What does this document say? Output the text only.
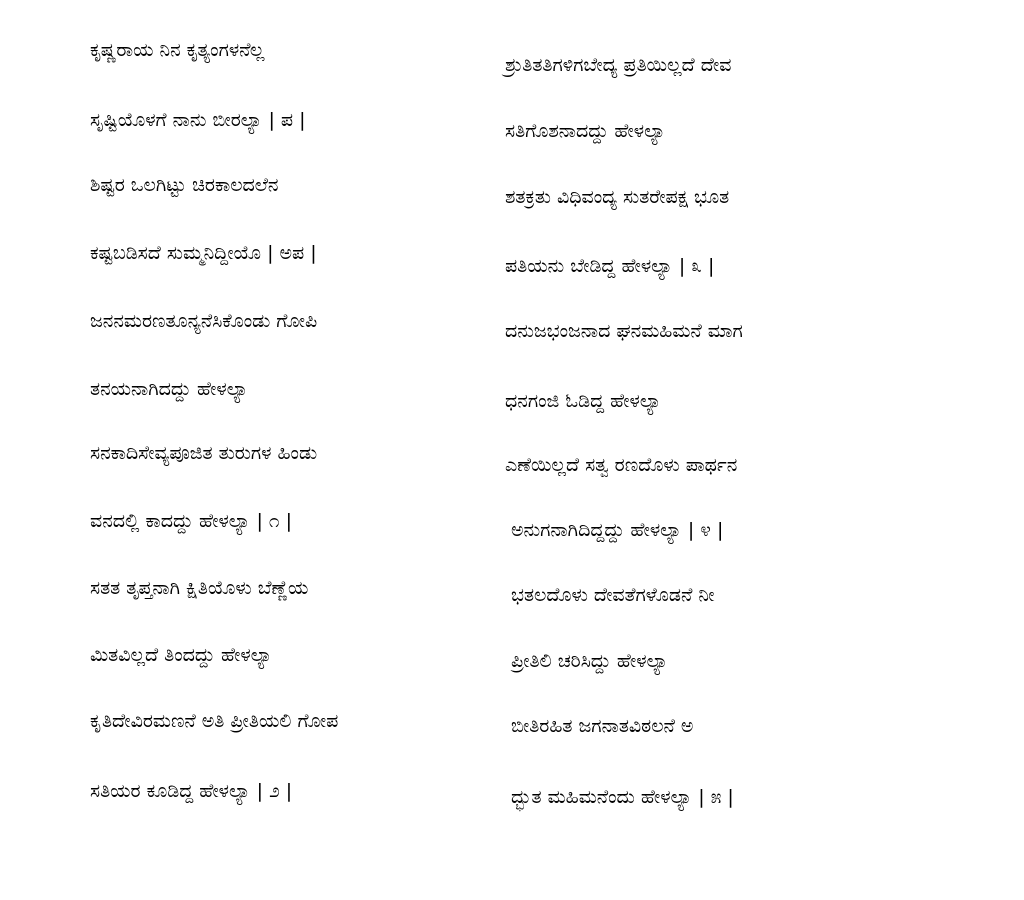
ಕೃಷ್ಣರಾಯ ನಿನ ಕೃತ್ಯಂಗಳನೆಲ್ಲ
ಸೃಷ್ಟಿಯೊಳಗೆ ನಾನು ಬೀರಲ್ಯಾ | ಪ |
ಶಿಷ್ಟರ ಒಲಗಿಟ್ಟು ಚಿರಕಾಲದಲೆನ
ಕಷ್ಟಬಡಿಸದೆ ಸುಮ್ಮನಿದ್ದೀಯೊ | ಅಪ |
ಜನನಮರಣತೂನ್ಯನೆಸಿಕೊಂಡು ಗೋಪಿ
ತನಯನಾಗಿದದ್ದು ಹೇಳಲ್ಯಾ
ಸನಕಾದಿಸೇವ್ಯಪೂಜಿತ ತುರುಗಳ ಹಿಂಡು
ವನದಲ್ಲಿ ಕಾದದ್ದು ಹೇಳಲ್ಯಾ | ೧ |
ಸತತ ತೃಪ್ತನಾಗಿ ಕ್ಷಿತಿಯೊಳು ಬೆಣ್ಣೆಯ
ಮಿತವಿಲ್ಲದೆ ತಿಂದದ್ದು ಹೇಳಲ್ಯಾ
ಕೃತಿದೇವಿರಮಣನೆ ಅತಿ ಪ್ರೀತಿಯಲಿ ಗೋಪ
ಸತಿಯರ ಕೂಡಿದ್ದ ಹೇಳಲ್ಯಾ | ೨ |
ಶ್ರುತಿತತಿಗಳಿಗಬೇದ್ಯ ಪ್ರತಿಯಿಲ್ಲದೆ ದೇವ
ಸತಿಗೊಶನಾದದ್ದು ಹೇಳಲ್ಯಾ
ಶತಕ್ರತು ವಿಧಿವಂದ್ಯ ಸುತರೇಪಕ್ಷ ಭೂತ
ಪತಿಯನು ಬೇಡಿದ್ದ ಹೇಳಲ್ಯಾ | ೩ |
ದನುಜಭಂಜನಾದ ಘನಮಹಿಮನೆ ಮಾಗ
ಧನಗಂಜಿ ಓಡಿದ್ದ ಹೇಳಲ್ಯಾ
ಎಣೆಯಿಲ್ಲದೆ ಸತ್ವ ರಣದೊಳು ಪಾರ್ಥನ
ಅನುಗನಾಗಿದಿದ್ದದ್ದು ಹೇಳಲ್ಯಾ | ೪ |
ಭತಲದೊಳು ದೇವತೆಗಳೊಡನೆ ನೀ
ಪ್ರೀತಿಲಿ ಚರಿಸಿದ್ದು ಹೇಳಲ್ಯಾ
ಬೀತಿರಹಿತ ಜಗನಾತವಿಠಲನೆ ಅ
ದ್ಭುತ ಮಹಿಮನೆಂದು ಹೇಳಲ್ಯಾ | ೫ |
